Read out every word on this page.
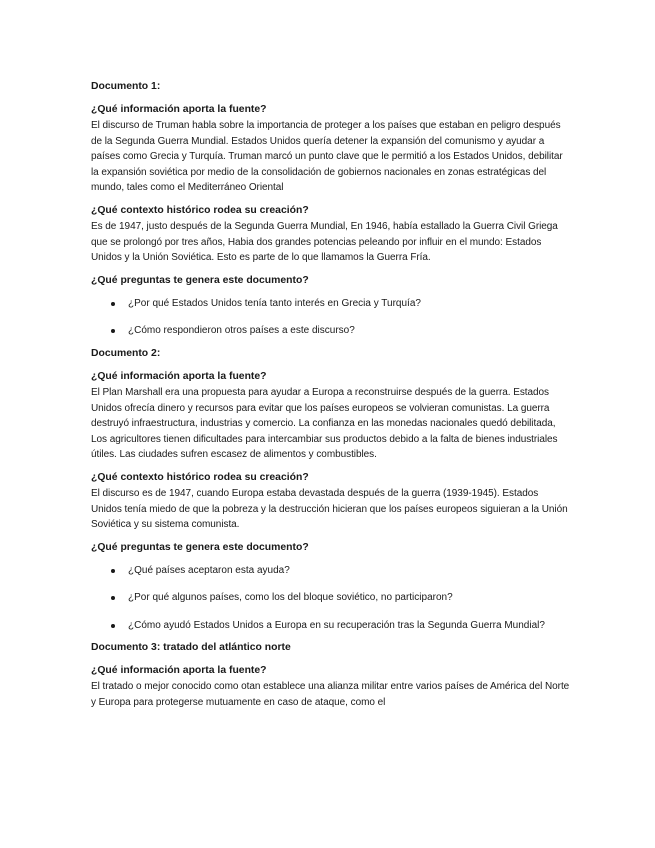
Documento 1:

¿Qué información aporta la fuente?

El discurso de Truman habla sobre la importancia de proteger a los países que estaban en peligro después de la Segunda Guerra Mundial. Estados Unidos quería detener la expansión del comunismo y ayudar a países como Grecia y Turquía. Truman marcó un punto clave que le permitió a los Estados Unidos, debilitar la expansión soviética por medio de la consolidación de gobiernos nacionales en zonas estratégicas del mundo, tales como el Mediterráneo Oriental

¿Qué contexto histórico rodea su creación?

Es de 1947, justo después de la Segunda Guerra Mundial, En 1946, había estallado la Guerra Civil Griega que se prolongó por tres años, Habia dos grandes potencias peleando por influir en el mundo: Estados Unidos y la Unión Soviética. Esto es parte de lo que llamamos la Guerra Fría.

¿Qué preguntas te genera este documento?

¿Por qué Estados Unidos tenía tanto interés en Grecia y Turquía?
¿Cómo respondieron otros países a este discurso?

Documento 2:

¿Qué información aporta la fuente?

El Plan Marshall era una propuesta para ayudar a Europa a reconstruirse después de la guerra. Estados Unidos ofrecía dinero y recursos para evitar que los países europeos se volvieran comunistas. La guerra destruyó infraestructura, industrias y comercio. La confianza en las monedas nacionales quedó debilitada, Los agricultores tienen dificultades para intercambiar sus productos debido a la falta de bienes industriales útiles. Las ciudades sufren escasez de alimentos y combustibles.

¿Qué contexto histórico rodea su creación?

El discurso es de 1947, cuando Europa estaba devastada después de la guerra (1939-1945). Estados Unidos tenía miedo de que la pobreza y la destrucción hicieran que los países europeos siguieran a la Unión Soviética y su sistema comunista.

¿Qué preguntas te genera este documento?

¿Qué países aceptaron esta ayuda?
¿Por qué algunos países, como los del bloque soviético, no participaron?
¿Cómo ayudó Estados Unidos a Europa en su recuperación tras la Segunda Guerra Mundial?

Documento 3: tratado del atlántico norte

¿Qué información aporta la fuente?

El tratado o mejor conocido como otan establece una alianza militar entre varios países de América del Norte y Europa para protegerse mutuamente en caso de ataque, como el
